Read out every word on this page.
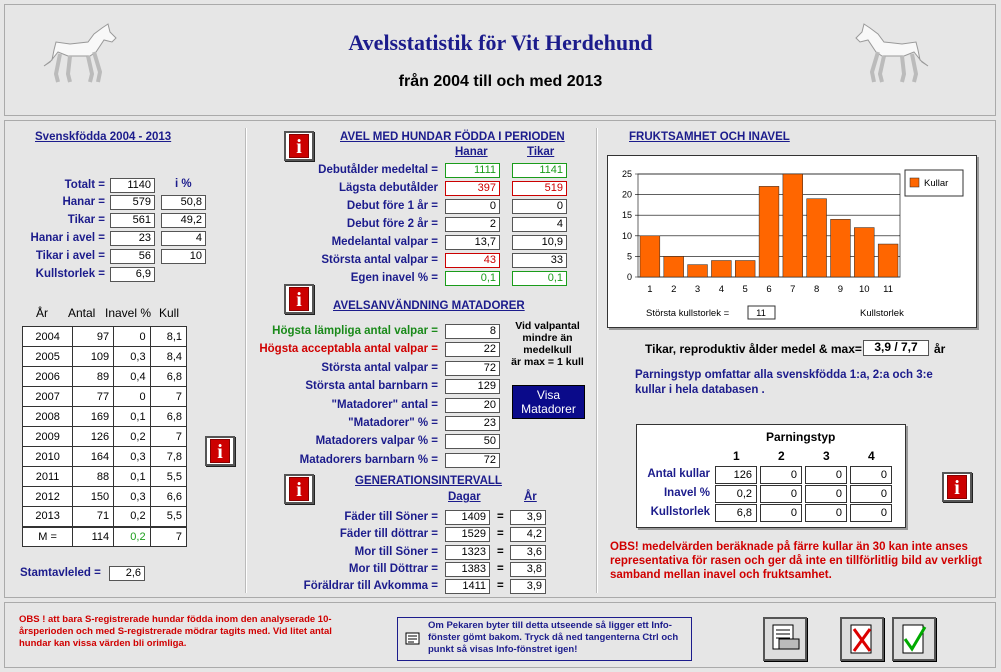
Avelsstatistik för Vit Herdehund
från 2004 till och med 2013
Svenskfödda 2004 - 2013
i %
Totalt =	1140
Hanar =	579	50,8
Tikar =	561	49,2
Hanar i avel =	23	4
Tikar i avel =	56	10
Kullstorlek =	6,9
År Antal Inavel % Kull
2004	97	0	8,1
2005	109	0,3	8,4
2006	89	0,4	6,8
2007	77	0	7
2008	169	0,1	6,8
2009	126	0,2	7
2010	164	0,3	7,8
2011	88	0,1	5,5
2012	150	0,3	6,6
2013	71	0,2	5,5
M =	114	0,2	7
Stamtavleled =	2,6
i
i	AVEL MED HUNDAR FÖDDA I PERIODEN
Hanar	Tikar
Debutålder medeltal =	1111	1141
Lägsta debutålder	397	519
Debut före 1 år =	0	0
Debut före 2 år =	2	4
Medelantal valpar =	13,7	10,9
Största antal valpar =	43	33
Egen inavel % =	0,1	0,1
i	AVELSANVÄNDNING MATADORER
Högsta lämpliga antal valpar =	8
Högsta acceptabla antal valpar =	22
Största antal valpar =	72
Största antal barnbarn =	129
"Matadorer" antal =	20
"Matadorer" % =	23
Matadorers valpar % =	50
Matadorers barnbarn % =	72
Vid valpantal
mindre än
medelkull
är max = 1 kull
Visa
Matadorer
i	GENERATIONSINTERVALL
Dagar	År
Fäder till Söner =	1409 =	3,9
Fäder till döttrar =	1529 =	4,2
Mor till Söner =	1323 =	3,6
Mor till Döttrar =	1383 =	3,8
Föräldrar till Avkomma =	1411 =	3,9
FRUKTSAMHET OCH INAVEL
0
5
10
15
20
25
1 2 3 4 5 6 7 8 9 10 11
Kullar
Största kullstorlek =	11	Kullstorlek
Tikar, reproduktiv ålder medel & max=	3,9 / 7,7	år
Parningstyp omfattar alla svenskfödda 1:a, 2:a och 3:e kullar i hela databasen .
Parningstyp
1	2	3	4
Antal kullar	126	0	0	0
Inavel %	0,2	0	0	0
Kullstorlek	6,8	0	0	0
i
OBS! medelvärden beräknade på färre kullar än 30 kan inte anses representativa för rasen och ger då inte en tillförlitlig bild av verkligt samband mellan inavel och fruktsamhet.
OBS ! att bara S-registrerade hundar födda inom den analyserade 10-årsperioden och med S-registrerade mödrar tagits med. Vid litet antal hundar kan vissa värden bli orimliga.
Om Pekaren byter till detta utseende så ligger ett Info-fönster gömt bakom. Tryck då ned tangenterna Ctrl och punkt så visas Info-fönstret igen!
